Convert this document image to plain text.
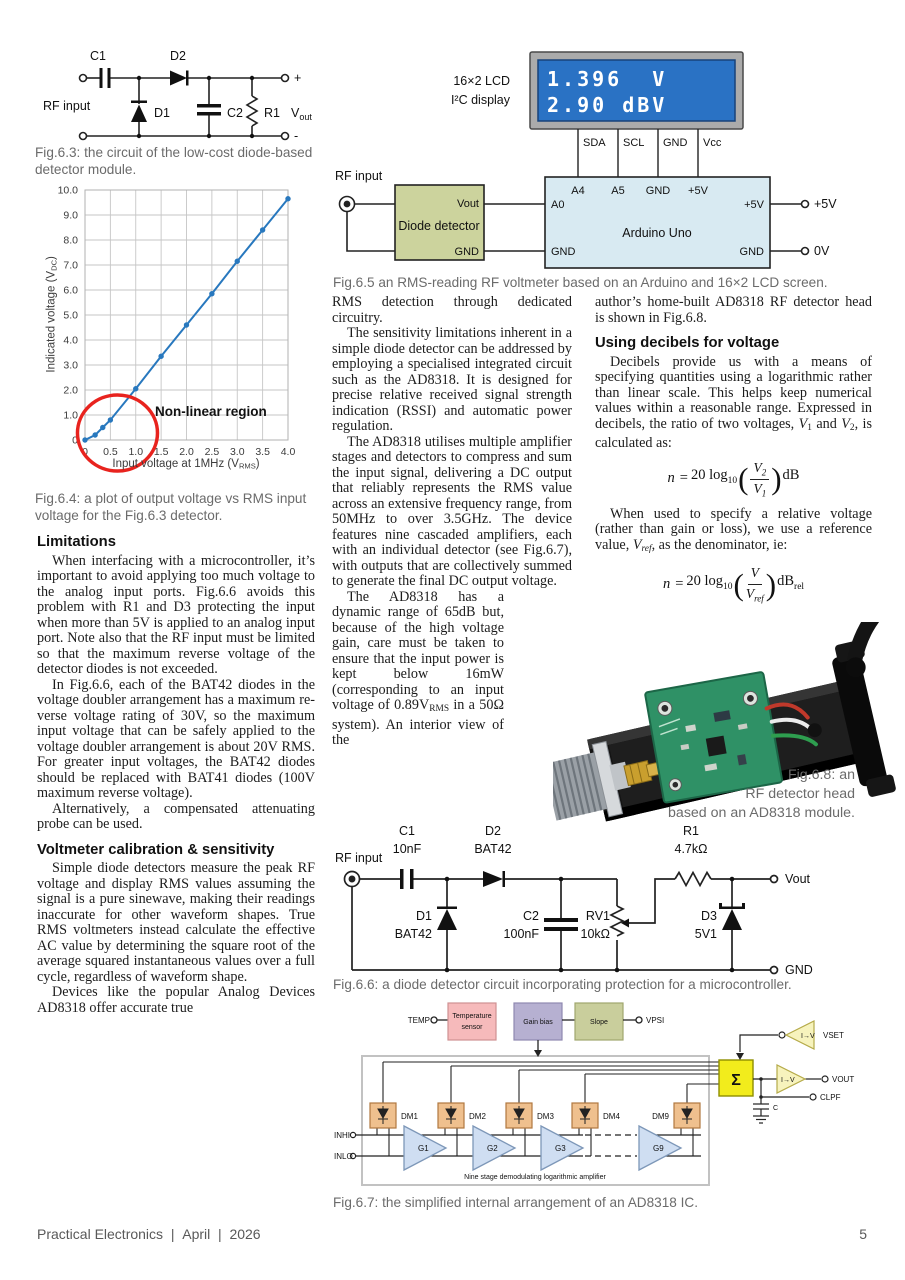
C1	D2
RF input	D1	C2 R1
+
-
$V_{out}$
Fig.6.3: the circuit of the low-cost diode-based detector module.
0 0.5 1.0 1.5 2.0 2.5 3.0 3.5 4.0
0
1.0
2.0
3.0
4.0
5.0
6.0
7.0
8.0
9.0
10.0
Non-linear region
Indicated voltage (VDC)
Input voltage at 1MHz (VRMS)
Fig.6.4: a plot of output voltage vs RMS input voltage for the Fig.6.3 detector.
Limitations

When interfacing with a microcontroller, it’s important to avoid applying too much voltage to the analog input ports. Fig.6.6 avoids this problem with R1 and D3 protecting the input when more than 5V is applied to an analog input port. Note also that the RF input must be limited so that the maximum reverse voltage of the detector diodes is not exceeded.

In Fig.6.6, each of the BAT42 diodes in the voltage doubler arrangement has a maximum reverse voltage rating of 30V, so the maximum input voltage that can be safely applied to the voltage doubler arrangement is about 20V RMS. For greater input voltages, the BAT42 diodes should be replaced with BAT41 diodes (100V maximum reverse voltage).

Alternatively, a compensated attenuating probe can be used.

Voltmeter calibration & sensitivity

Simple diode detectors measure the peak RF voltage and display RMS values assuming the signal is a pure sinewave, making their readings inaccurate for other waveform shapes. True RMS voltmeters instead calculate the effective AC value by determining the square root of the average squared instantaneous values over a full cycle, regardless of waveform shape.

Devices like the popular Analog Devices AD8318 offer accurate true

1.396  V
2.90 dBV
16×2 LCD
I²C display
SDA SCL GND Vcc
A4 A5 GND +5V
A0
GND
Arduino Uno
+5V
GND
+5V
0V
Vout
GND
Diode detector
RF input
Fig.6.5 an RMS-reading RF voltmeter based on an Arduino and 16×2 LCD screen.

RMS detection through dedicated circuitry.

The sensitivity limitations inherent in a simple diode detector can be addressed by employing a specialised integrated circuit such as the AD8318. It is designed for precise relative received signal strength indication (RSSI) and automatic power regulation.

The AD8318 utilises multiple amplifier stages and detectors to compress and sum the input signal, delivering a DC output that reliably represents the RMS value across an extensive frequency range, from 50MHz to over 3.5GHz. The device features nine cascaded amplifiers, each with an individual detector (see Fig.6.7), with outputs that are collectively summed to generate the final DC output voltage.

The AD8318 has a dynamic range of 65dB but, because of the high voltage gain, care must be taken to ensure that the input power is kept below 16mW (corresponding to an input voltage of 0.89VRMS in a 50Ω system). An interior view of the

author’s home-built AD8318 RF detector head is shown in Fig.6.8.

Using decibels for voltage

Decibels provide us with a means of specifying quantities using a logarithmic rather than linear scale. This helps keep numerical values within a reasonable range. Expressed in decibels, the ratio of two voltages, V1 and V2, is calculated as:

n = 20 $\log_{10}$ ( $\frac{V_2}{V_1}$ ) dB

When used to specify a relative voltage (rather than gain or loss), we use a reference value, Vref, as the denominator, ie:

n = 20 $\log_{10}$ ( $\frac{V}{V_{ref}}$ ) $dB_{rel}$
Fig.6.8: an
RF detector head
based on an AD8318 module.
RF input
C1
10nF
D2
BAT42
D1
BAT42
C2
100nF
RV1
10kΩ
R1
4.7kΩ
D3
5V1
Vout
GND
Fig.6.6: a diode detector circuit incorporating protection for a microcontroller.
TEMP	Temperature
sensor
Gain bias	Slope	VPSI
INHI
INLO
G1	G2	G3	G9
DM1	DM2	DM3	DM4	DM9
Σ
I→V
I→V
VSET
VOUT
CLPF
C
Nine stage demodulating logarithmic amplifier
Fig.6.7: the simplified internal arrangement of an AD8318 IC.
Practical Electronics  |  April  |  2026	5
